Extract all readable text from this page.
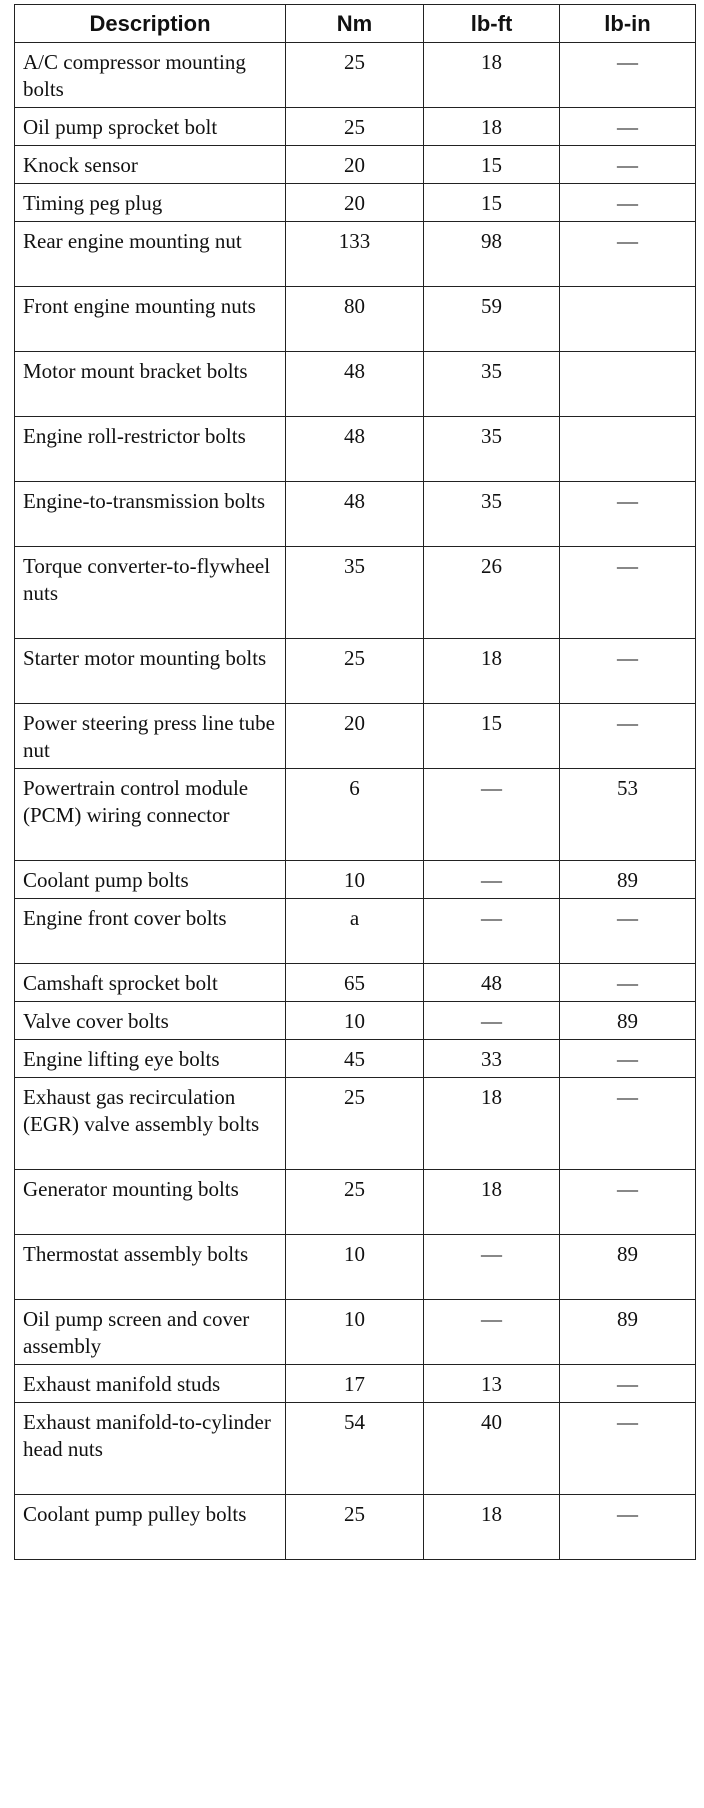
Description	Nm	lb-ft	lb-in
A/C compressor mounting bolts	25	18	—
Oil pump sprocket bolt	25	18	—
Knock sensor	20	15	—
Timing peg plug	20	15	—
Rear engine mounting nut	133	98	—
Front engine mounting nuts	80	59	
Motor mount bracket bolts	48	35	
Engine roll-restrictor bolts	48	35	
Engine-to-transmission bolts	48	35	—
Torque converter-to-flywheel nuts	35	26	—
Starter motor mounting bolts	25	18	—
Power steering press line tube nut	20	15	—
Powertrain control module (PCM) wiring connector	6	—	53
Coolant pump bolts	10	—	89
Engine front cover bolts	a	—	—
Camshaft sprocket bolt	65	48	—
Valve cover bolts	10	—	89
Engine lifting eye bolts	45	33	—
Exhaust gas recirculation (EGR) valve assembly bolts	25	18	—
Generator mounting bolts	25	18	—
Thermostat assembly bolts	10	—	89
Oil pump screen and cover assembly	10	—	89
Exhaust manifold studs	17	13	—
Exhaust manifold-to-cylinder head nuts	54	40	—
Coolant pump pulley bolts	25	18	—
